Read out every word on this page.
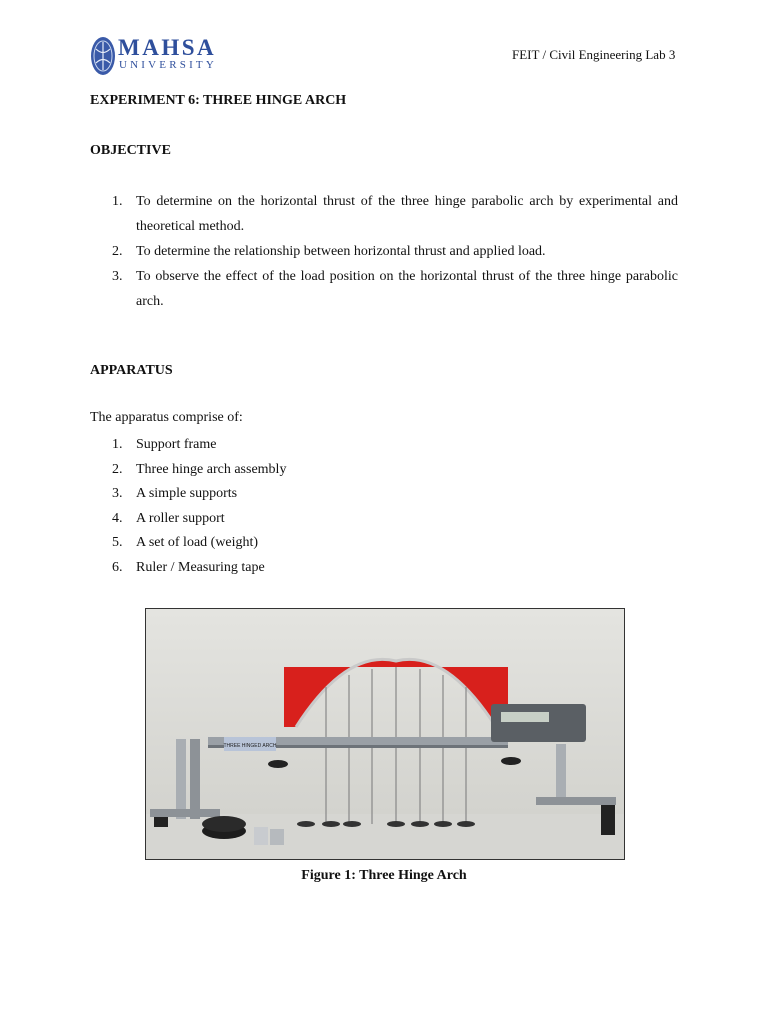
MAHSA
UNIVERSITY
FEIT / Civil Engineering Lab 3
EXPERIMENT 6: THREE HINGE ARCH
OBJECTIVE
1. To determine on the horizontal thrust of the three hinge parabolic arch by experimental and theoretical method.
2. To determine the relationship between horizontal thrust and applied load.
3. To observe the effect of the load position on the horizontal thrust of the three hinge parabolic arch.
APPARATUS
The apparatus comprise of:
1. Support frame
2. Three hinge arch assembly
3. A simple supports
4. A roller support
5. A set of load (weight)
6. Ruler / Measuring tape
THREE HINGED ARCH
Figure 1: Three Hinge Arch
